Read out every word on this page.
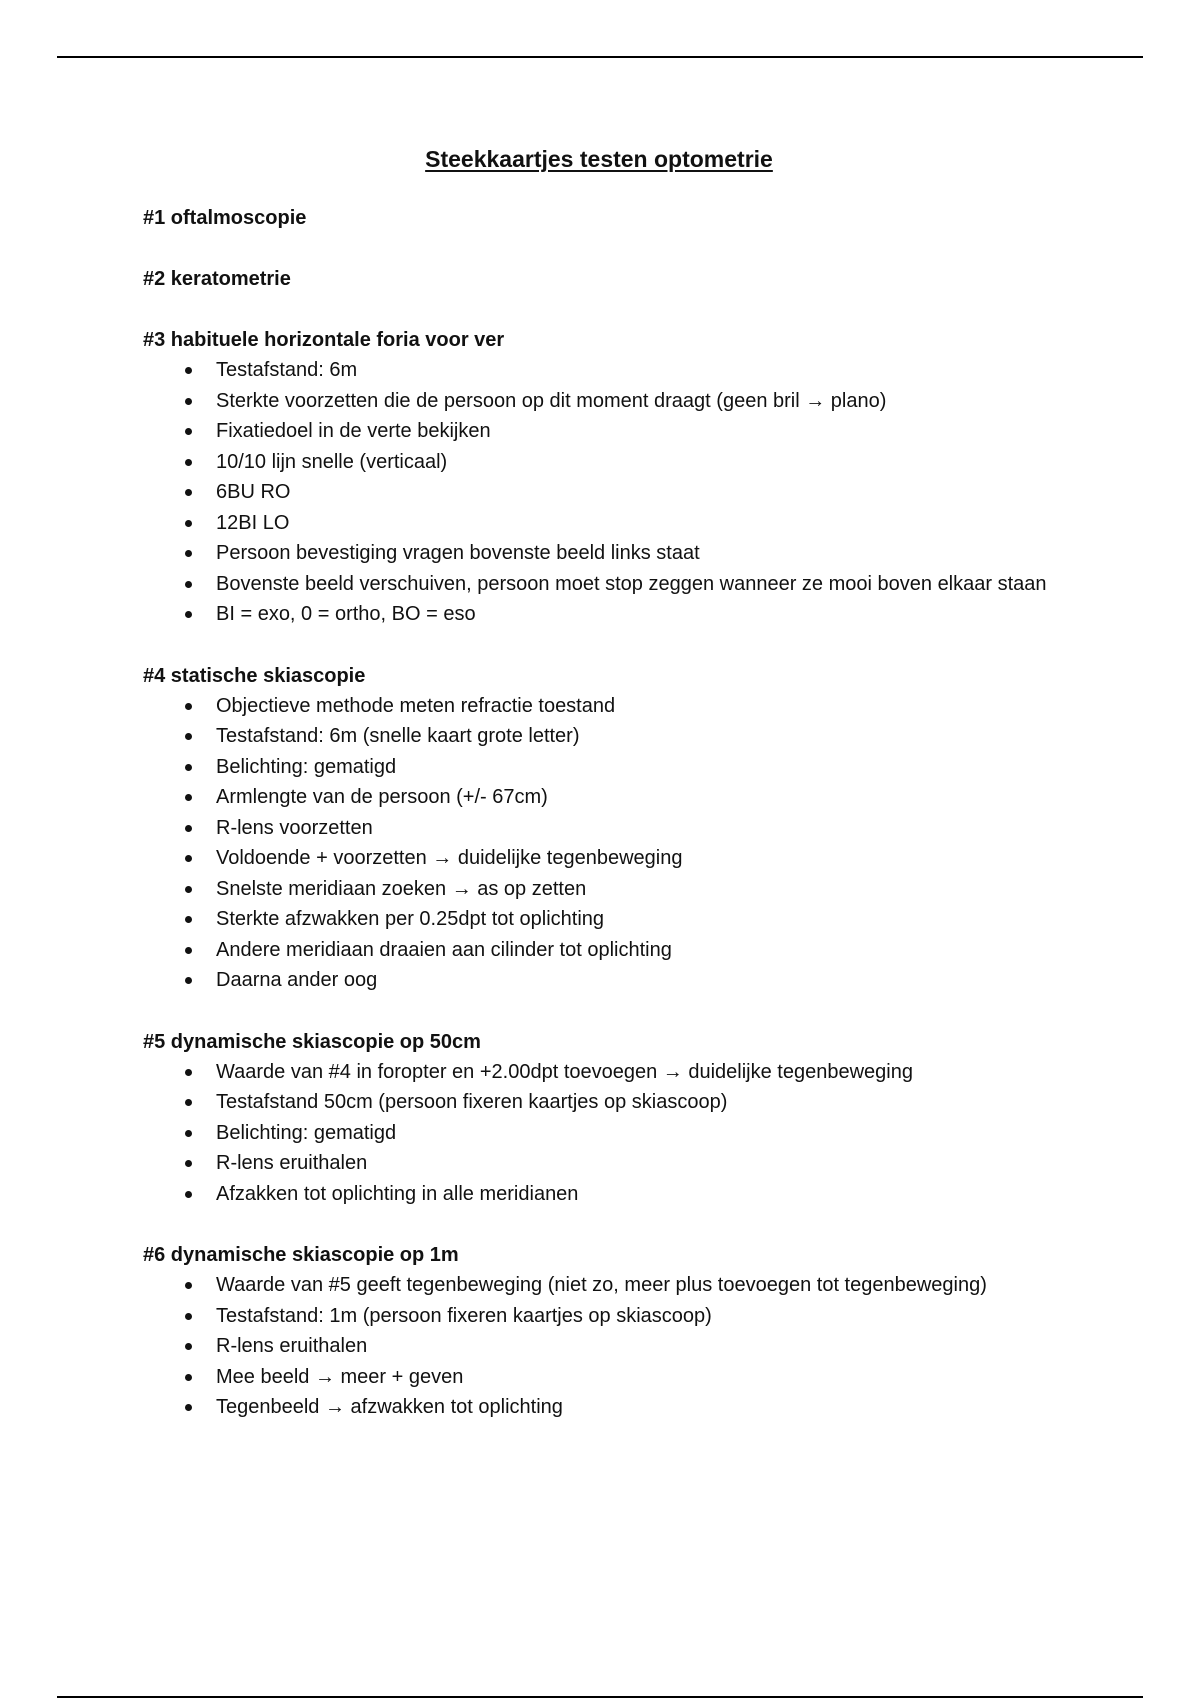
Steekkaartjes testen optometrie
#1 oftalmoscopie
#2 keratometrie
#3 habituele horizontale foria voor ver
Testafstand: 6m
Sterkte voorzetten die de persoon op dit moment draagt (geen bril → plano)
Fixatiedoel in de verte bekijken
10/10 lijn snelle (verticaal)
6BU RO
12BI LO
Persoon bevestiging vragen bovenste beeld links staat
Bovenste beeld verschuiven, persoon moet stop zeggen wanneer ze mooi boven elkaar staan
BI = exo, 0 = ortho, BO = eso
#4 statische skiascopie
Objectieve methode meten refractie toestand
Testafstand: 6m (snelle kaart grote letter)
Belichting: gematigd
Armlengte van de persoon (+/- 67cm)
R-lens voorzetten
Voldoende + voorzetten → duidelijke tegenbeweging
Snelste meridiaan zoeken → as op zetten
Sterkte afzwakken per 0.25dpt tot oplichting
Andere meridiaan draaien aan cilinder tot oplichting
Daarna ander oog
#5 dynamische skiascopie op 50cm
Waarde van #4 in foropter en +2.00dpt toevoegen → duidelijke tegenbeweging
Testafstand 50cm (persoon fixeren kaartjes op skiascoop)
Belichting: gematigd
R-lens eruithalen
Afzakken tot oplichting in alle meridianen
#6 dynamische skiascopie op 1m
Waarde van #5 geeft tegenbeweging (niet zo, meer plus toevoegen tot tegenbeweging)
Testafstand: 1m (persoon fixeren kaartjes op skiascoop)
R-lens eruithalen
Mee beeld → meer + geven
Tegenbeeld → afzwakken tot oplichting
